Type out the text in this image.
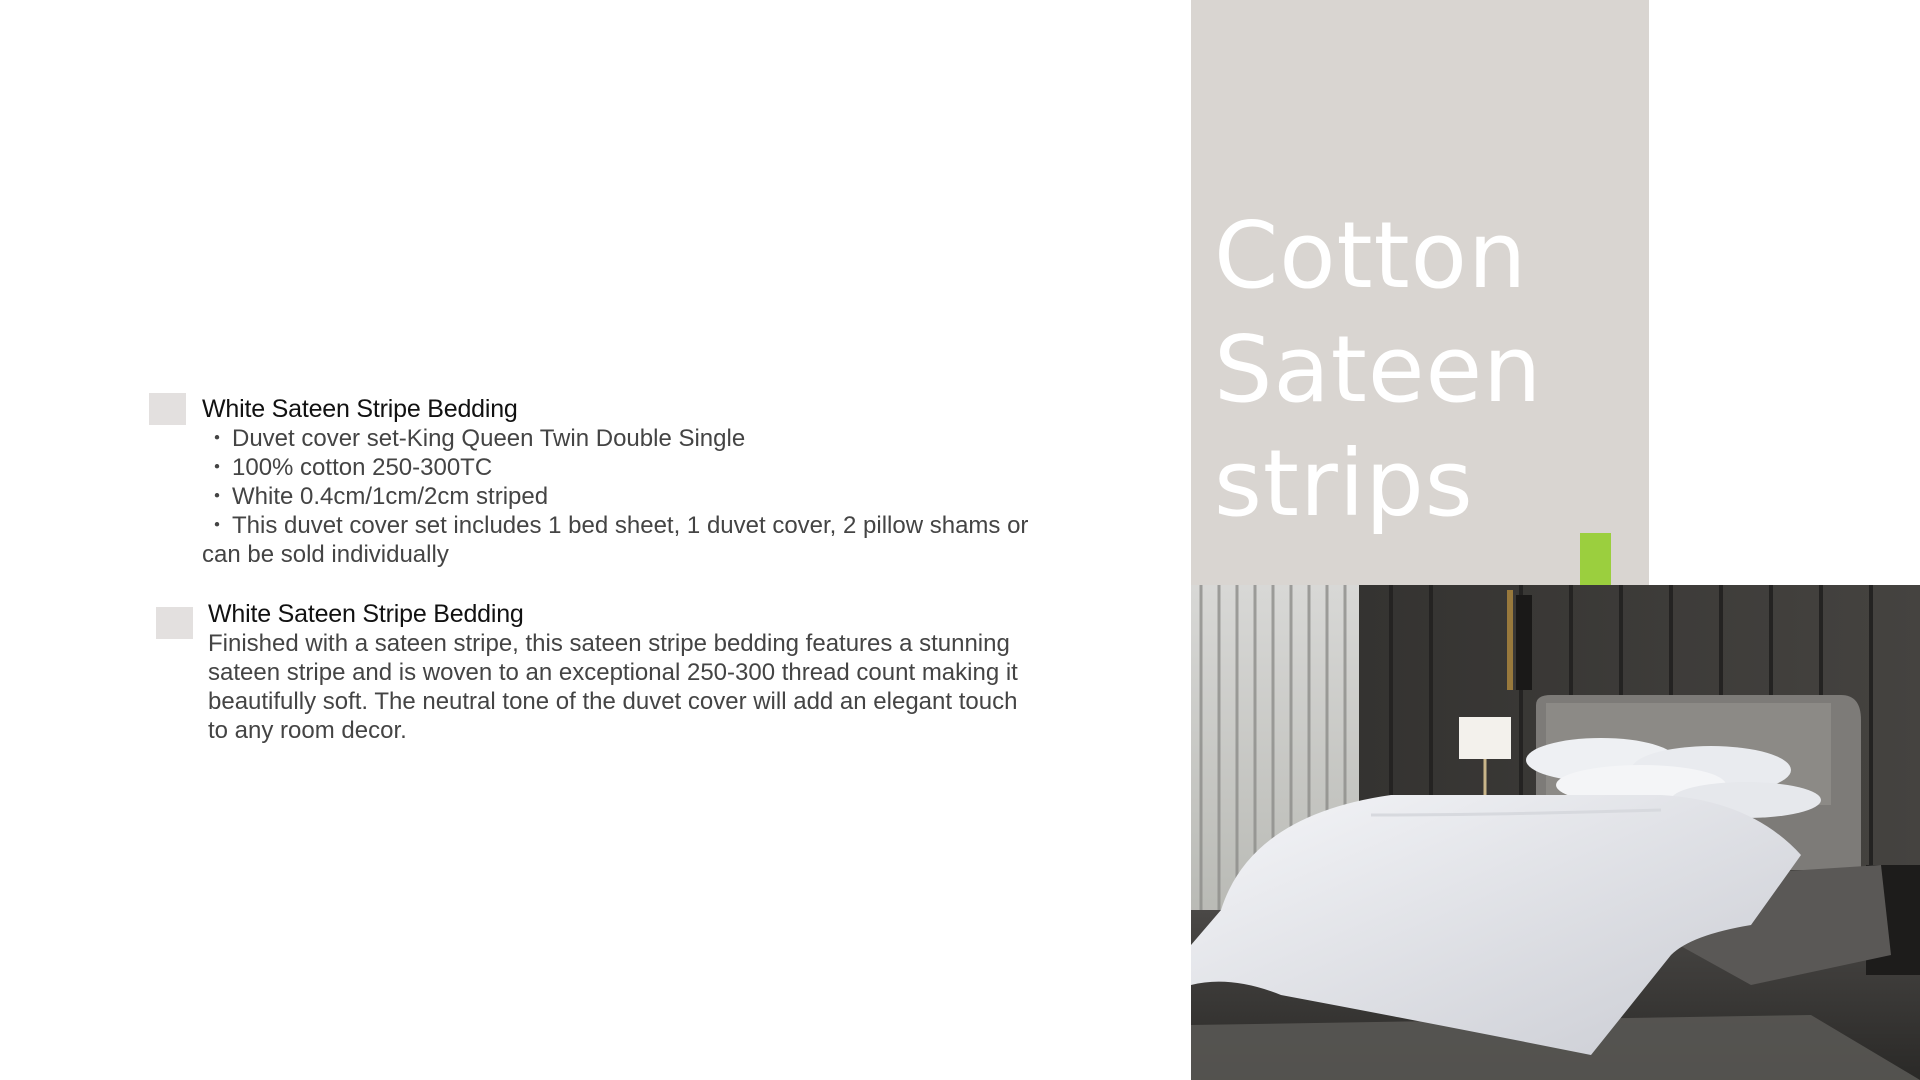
White Sateen Stripe Bedding
・ Duvet cover set-King Queen Twin Double Single
・ 100% cotton 250-300TC
・ White 0.4cm/1cm/2cm striped
・ This duvet cover set includes 1 bed sheet, 1 duvet cover, 2 pillow shams or
can be sold individually
White Sateen Stripe Bedding

Finished with a sateen stripe, this sateen stripe bedding features a stunning

sateen stripe and is woven to an exceptional 250-300 thread count making it

beautifully soft. The neutral tone of the duvet cover will add an elegant touch

to any room decor.

Cotton
Sateen
strips
